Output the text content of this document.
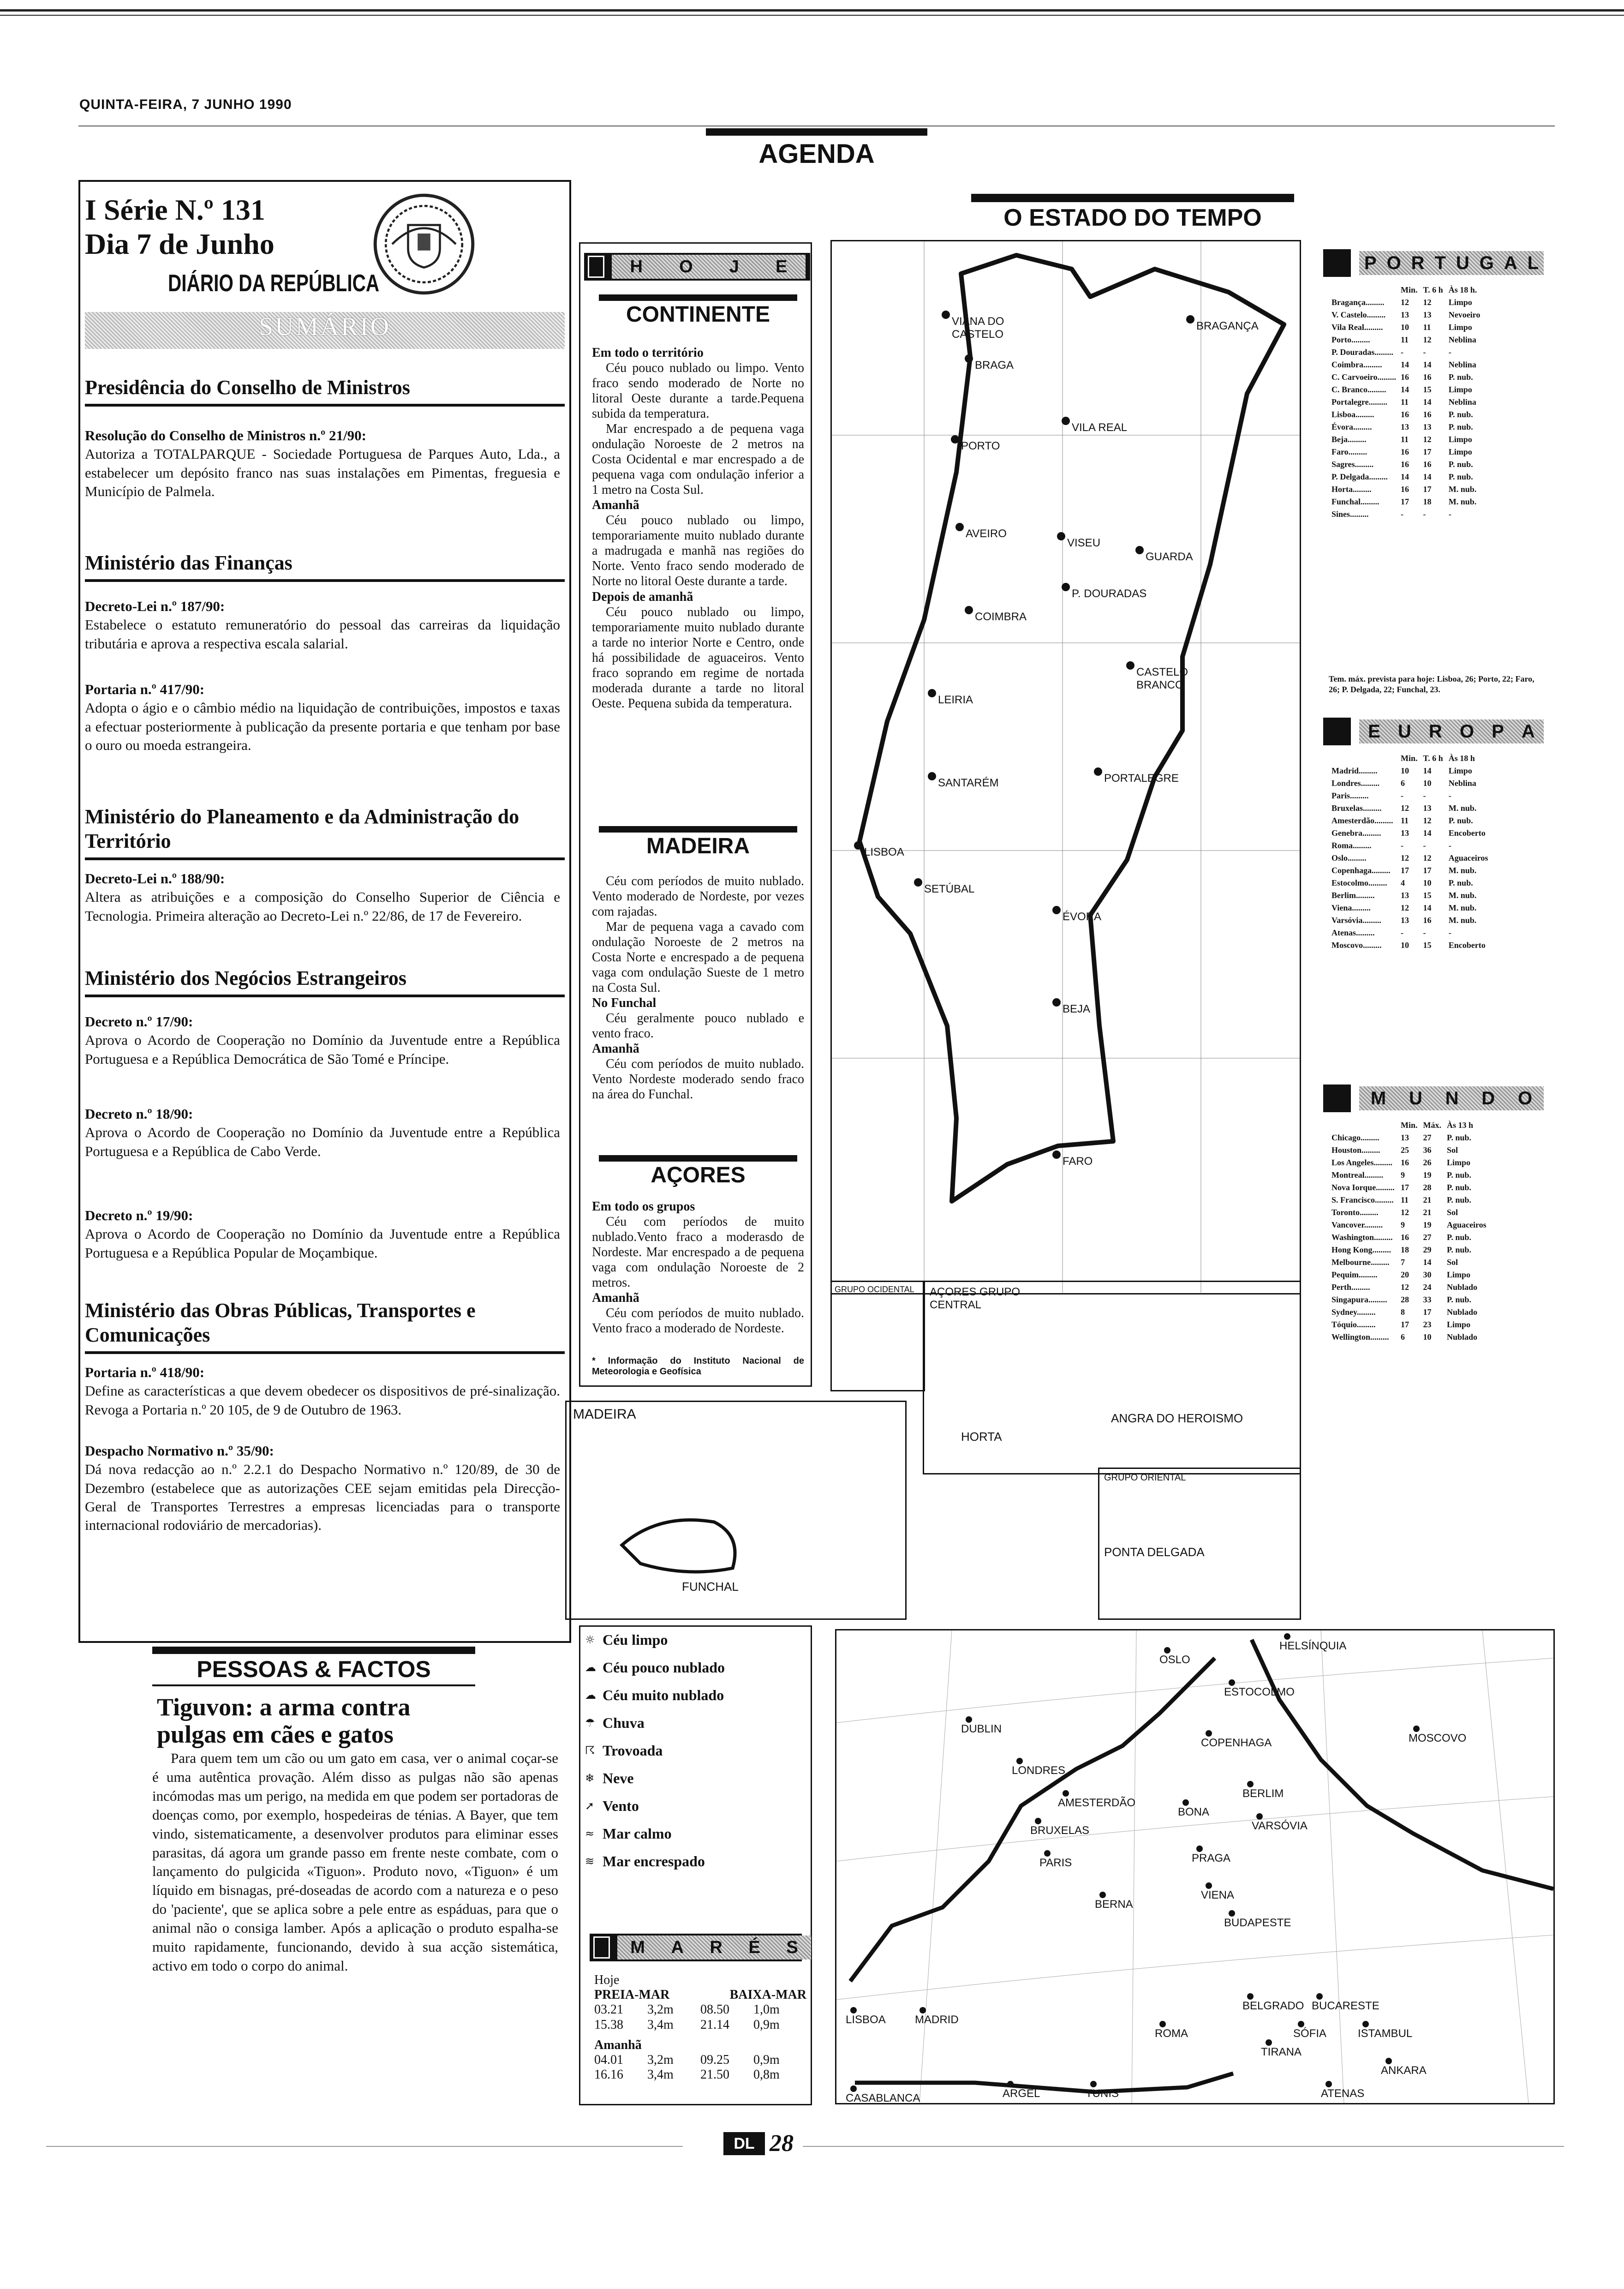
QUINTA-FEIRA, 7 JUNHO 1990
AGENDA
I Série N.º 131
Dia 7 de Junho
DIÁRIO DA REPÚBLICA
SUMÁRIO
Presidência do Conselho de Ministros
Resolução do Conselho de Ministros n.º 21/90:
Autoriza a TOTALPARQUE - Sociedade Portuguesa de Parques Auto, Lda., a estabelecer um depósito franco nas suas instalações em Pimentas, freguesia e Município de Palmela.
Ministério das Finanças
Decreto-Lei n.º 187/90:
Estabelece o estatuto remuneratório do pessoal das carreiras da liquidação tributária e aprova a respectiva escala salarial.
Portaria n.º 417/90:
Adopta o ágio e o câmbio médio na liquidação de contribuições, impostos e taxas a efectuar posteriormente à publicação da presente portaria e que tenham por base o ouro ou moeda estrangeira.
Ministério do Planeamento e da Administração do Território
Decreto-Lei n.º 188/90:
Altera as atribuições e a composição do Conselho Superior de Ciência e Tecnologia. Primeira alteração ao Decreto-Lei n.º 22/86, de 17 de Fevereiro.
Ministério dos Negócios Estrangeiros
Decreto n.º 17/90:
Aprova o Acordo de Cooperação no Domínio da Juventude entre a República Portuguesa e a República Democrática de São Tomé e Príncipe.
Decreto n.º 18/90:
Aprova o Acordo de Cooperação no Domínio da Juventude entre a República Portuguesa e a República de Cabo Verde.
Decreto n.º 19/90:
Aprova o Acordo de Cooperação no Domínio da Juventude entre a República Portuguesa e a República Popular de Moçambique.
Ministério das Obras Públicas, Transportes e Comunicações
Portaria n.º 418/90:
Define as características a que devem obedecer os dispositivos de pré-sinalização. Revoga a Portaria n.º 20 105, de 9 de Outubro de 1963.
Despacho Normativo n.º 35/90:
Dá nova redacção ao n.º 2.2.1 do Despacho Normativo n.º 120/89, de 30 de Dezembro (estabelece que as autorizações CEE sejam emitidas pela Direcção-Geral de Transportes Terrestres a empresas licenciadas para o transporte internacional rodoviário de mercadorias).
PESSOAS & FACTOS
Tiguvon: a arma contra pulgas em cães e gatos
Para quem tem um cão ou um gato em casa, ver o animal coçar-se é uma autêntica provação. Além disso as pulgas não são apenas incómodas mas um perigo, na medida em que podem ser portadoras de doenças como, por exemplo, hospedeiras de ténias. A Bayer, que tem vindo, sistematicamente, a desenvolver produtos para eliminar esses parasitas, dá agora um grande passo em frente neste combate, com o lançamento do pulgicida «Tiguon». Produto novo, «Tiguon» é um líquido em bisnagas, pré-doseadas de acordo com a natureza e o peso do 'paciente', que se aplica sobre a pele entre as espáduas, para que o animal não o consiga lamber. Após a aplicação o produto espalha-se muito rapidamente, funcionando, devido à sua acção sistemática, activo em todo o corpo do animal.
H O J E
CONTINENTE
Em todo o território
Céu pouco nublado ou limpo. Vento fraco sendo moderado de Norte no litoral Oeste durante a tarde.Pequena subida da temperatura.
Mar encrespado a de pequena vaga ondulação Noroeste de 2 metros na Costa Ocidental e mar encrespado a de pequena vaga com ondulação inferior a 1 metro na Costa Sul.
Amanhã
Céu pouco nublado ou limpo, temporariamente muito nublado durante a madrugada e manhã nas regiões do Norte. Vento fraco sendo moderado de Norte no litoral Oeste durante a tarde.
Depois de amanhã
Céu pouco nublado ou limpo, temporariamente muito nublado durante a tarde no interior Norte e Centro, onde há possibilidade de aguaceiros. Vento fraco soprando em regime de nortada moderada durante a tarde no litoral Oeste. Pequena subida da temperatura.
MADEIRA
Céu com períodos de muito nublado. Vento moderado de Nordeste, por vezes com rajadas.
Mar de pequena vaga a cavado com ondulação Noroeste de 2 metros na Costa Norte e encrespado a de pequena vaga com ondulação Sueste de 1 metro na Costa Sul.
No Funchal
Céu geralmente pouco nublado e vento fraco.
Amanhã
Céu com períodos de muito nublado. Vento Nordeste moderado sendo fraco na área do Funchal.
AÇORES
Em todo os grupos
Céu com períodos de muito nublado.Vento fraco a moderasdo de Nordeste. Mar encrespado a de pequena vaga com ondulação Noroeste de 2 metros.
Amanhã
Céu com períodos de muito nublado. Vento fraco a moderado de Nordeste.
* Informação do Instituto Nacional de Meteorologia e Geofísica
O ESTADO DO TEMPO
VIANA DO CASTELO
BRAGANÇA
BRAGA
VILA REAL
PORTO
AVEIRO
VISEU
GUARDA
P. DOURADAS
COIMBRA
CASTELO BRANCO
LEIRIA
SANTARÉM	PORTALEGRE
LISBOA
SETÚBAL
ÉVORA
BEJA
FARO
P O R T U G A L
	Min.	T. 6 h	Às 18 h.
Bragança.........	12	12	Limpo
V. Castelo.........	13	13	Nevoeiro
Vila Real.........	10	11	Limpo
Porto.........	11	12	Neblina
P. Douradas.........	-	-	-
Coimbra.........	14	14	Neblina
C. Carvoeiro.........	16	16	P. nub.
C. Branco.........	14	15	Limpo
Portalegre.........	11	14	Neblina
Lisboa.........	16	16	P. nub.
Évora.........	13	13	P. nub.
Beja.........	11	12	Limpo
Faro.........	16	17	Limpo
Sagres.........	16	16	P. nub.
P. Delgada.........	14	14	P. nub.
Horta.........	16	17	M. nub.
Funchal.........	17	18	M. nub.
Sines.........	-	-	-
Tem. máx. prevista para hoje: Lisboa, 26; Porto, 22; Faro, 26; P. Delgada, 22; Funchal, 23.
E U R O P A
	Min.	T. 6 h	Às 18 h
Madrid.........	10	14	Limpo
Londres.........	6	10	Neblina
Paris.........	-	-	-
Bruxelas.........	12	13	M. nub.
Amesterdão.........	11	12	P. nub.
Genebra.........	13	14	Encoberto
Roma.........	-	-	-
Oslo.........	12	12	Aguaceiros
Copenhaga.........	17	17	M. nub.
Estocolmo.........	4	10	P. nub.
Berlim.........	13	15	M. nub.
Viena.........	12	14	M. nub.
Varsóvia.........	13	16	M. nub.
Atenas.........	-	-	-
Moscovo.........	10	15	Encoberto
M U N D O
	Min.	Máx.	Às 13 h
Chicago.........	13	27	P. nub.
Houston.........	25	36	Sol
Los Angeles.........	16	26	Limpo
Montreal.........	9	19	P. nub.
Nova Iorque.........	17	28	P. nub.
S. Francisco.........	11	21	P. nub.
Toronto.........	12	21	Sol
Vancover.........	9	19	Aguaceiros
Washington.........	16	27	P. nub.
Hong Kong.........	18	29	P. nub.
Melbourne.........	7	14	Sol
Pequim.........	20	30	Limpo
Perth.........	12	24	Nublado
Singapura.........	28	33	P. nub.
Sydney.........	8	17	Nublado
Tóquio.........	17	23	Limpo
Wellington.........	6	10	Nublado
GRUPO OCIDENTAL AÇORES GRUPO CENTRAL
HORTA
ANGRA DO HEROISMO
GRUPO ORIENTAL
PONTA DELGADA
MADEIRA
FUNCHAL
☼ Céu limpo
☁ Céu pouco nublado
☁ Céu muito nublado
☂ Chuva
☈ Trovoada
❄ Neve
➚ Vento
≈ Mar calmo
≋ Mar encrespado
M A R É S
Hoje
PREIA-MAR	BAIXA-MAR
03.21	3,2m	08.50	1,0m
15.38	3,4m	21.14	0,9m
Amanhã
04.01	3,2m	09.25	0,9m
16.16	3,4m	21.50	0,8m
HELSÍNQUIA
OSLO
ESTOCOLMO
DUBLIN
COPENHAGA	MOSCOVO
LONDRES
AMESTERDÃO
BONA
BERLIM
BRUXELAS	VARSÓVIA
PARIS	PRAGA
BERNA
VIENA
BUDAPESTE
BELGRADO BUCARESTE
LISBOA	MADRID
ROMA	SÓFIA	ISTAMBUL
TIRANA
ANKARA
ATENAS
ARGEL	TUNIS
CASABLANCA
DL 28
